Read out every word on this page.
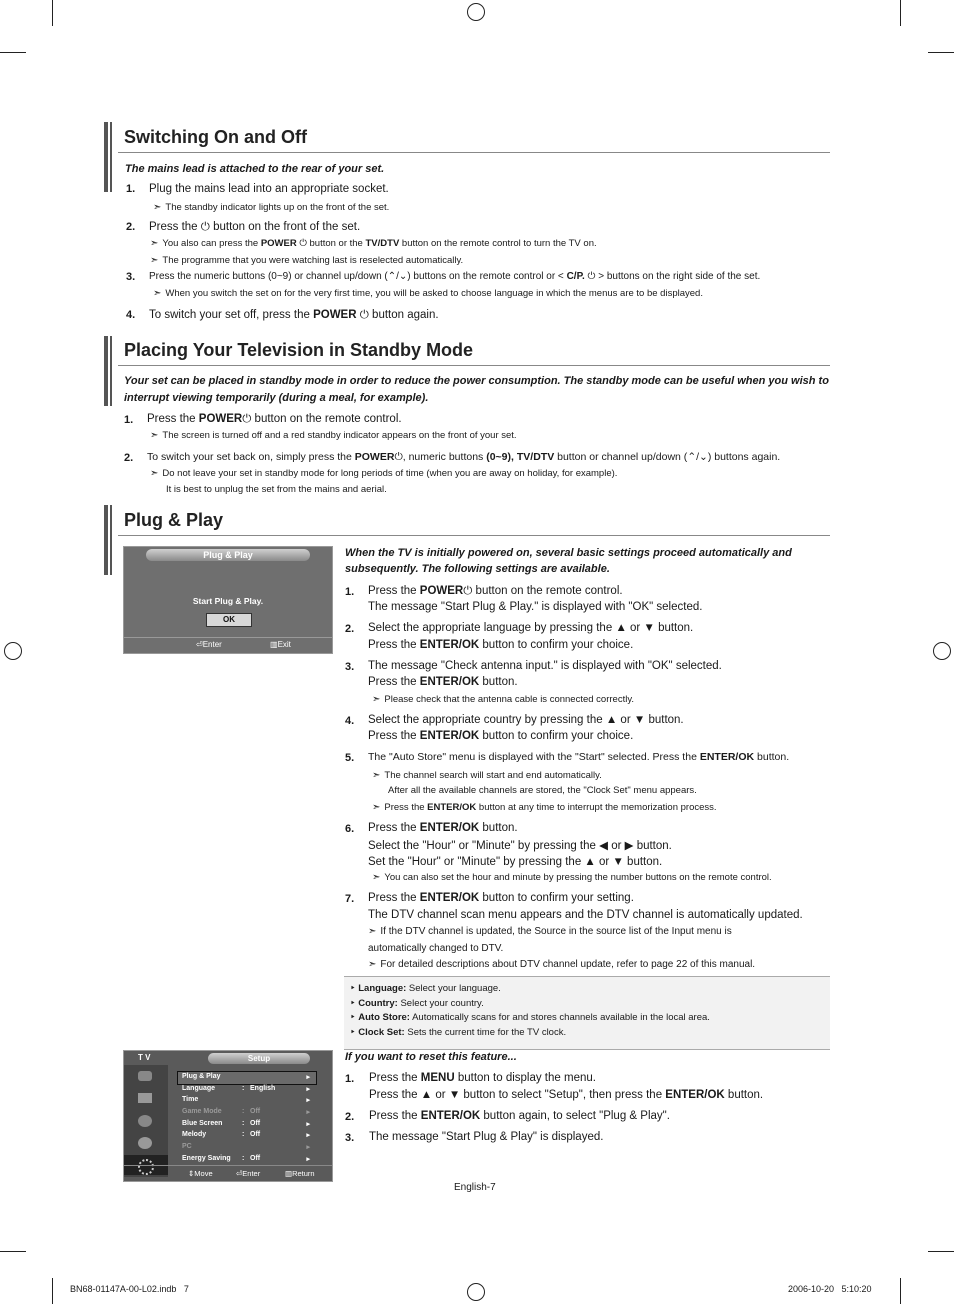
Switching On and Off
The mains lead is attached to the rear of your set.
1. Plug the mains lead into an appropriate socket.
➣ The standby indicator lights up on the front of the set.
2. Press the ⏻ button on the front of the set.
➣ You also can press the POWER ⏻ button or the TV/DTV button on the remote control to turn the TV on.
➣ The programme that you were watching last is reselected automatically.
3. Press the numeric buttons (0~9) or channel up/down (⌃/⌄) buttons on the remote control or < C/P. ⏻ > buttons on the right side of the set.
➣ When you switch the set on for the very first time, you will be asked to choose language in which the menus are to be displayed.
4. To switch your set off, press the POWER ⏻ button again.
Placing Your Television in Standby Mode
Your set can be placed in standby mode in order to reduce the power consumption. The standby mode can be useful when you wish to
interrupt viewing temporarily (during a meal, for example).
1. Press the POWER⏻ button on the remote control.
➣ The screen is turned off and a red standby indicator appears on the front of your set.
2. To switch your set back on, simply press the POWER⏻, numeric buttons (0~9), TV/DTV button or channel up/down (⌃/⌄) buttons again.
➣ Do not leave your set in standby mode for long periods of time (when you are away on holiday, for example).
It is best to unplug the set from the mains and aerial.
Plug & Play
Plug & Play
Start Plug & Play.
OK
⏎Enter	▥Exit
When the TV is initially powered on, several basic settings proceed automatically and
subsequently. The following settings are available.
1. Press the POWER⏻ button on the remote control.
The message "Start Plug & Play." is displayed with "OK" selected.
2. Select the appropriate language by pressing the ▲ or ▼ button.
Press the ENTER/OK button to confirm your choice.
3. The message "Check antenna input." is displayed with "OK" selected.
Press the ENTER/OK button.
➣ Please check that the antenna cable is connected correctly.
4. Select the appropriate country by pressing the ▲ or ▼ button.
Press the ENTER/OK button to confirm your choice.
5. The "Auto Store" menu is displayed with the "Start" selected. Press the ENTER/OK button.
➣ The channel search will start and end automatically.
After all the available channels are stored, the "Clock Set" menu appears.
➣ Press the ENTER/OK button at any time to interrupt the memorization process.
6. Press the ENTER/OK button.
Select the "Hour" or "Minute" by pressing the ◀ or ▶ button.
Set the "Hour" or "Minute" by pressing the ▲ or ▼ button.
➣ You can also set the hour and minute by pressing the number buttons on the remote control.
7. Press the ENTER/OK button to confirm your setting.
The DTV channel scan menu appears and the DTV channel is automatically updated.
➣ If the DTV channel is updated, the Source in the source list of the Input menu is
automatically changed to DTV.
➣ For detailed descriptions about DTV channel update, refer to page 22 of this manual.
‣ Language: Select your language.
‣ Country: Select your country.
‣ Auto Store: Automatically scans for and stores channels available in the local area.
‣ Clock Set: Sets the current time for the TV clock.
T V	Setup
Plug & Play	▸
Language	: English	▸
Time	▸
Game Mode	: Off	▸
Blue Screen	: Off	▸
Melody	: Off	▸
PC	▸
Energy Saving : Off	▸
⇕Move	⏎Enter	▥Return
If you want to reset this feature...
1. Press the MENU button to display the menu.
Press the ▲ or ▼ button to select "Setup", then press the ENTER/OK button.
2. Press the ENTER/OK button again, to select "Plug & Play".
3. The message "Start Plug & Play" is displayed.
English-7
BN68-01147A-00-L02.indb   7	2006-10-20   5:10:20
